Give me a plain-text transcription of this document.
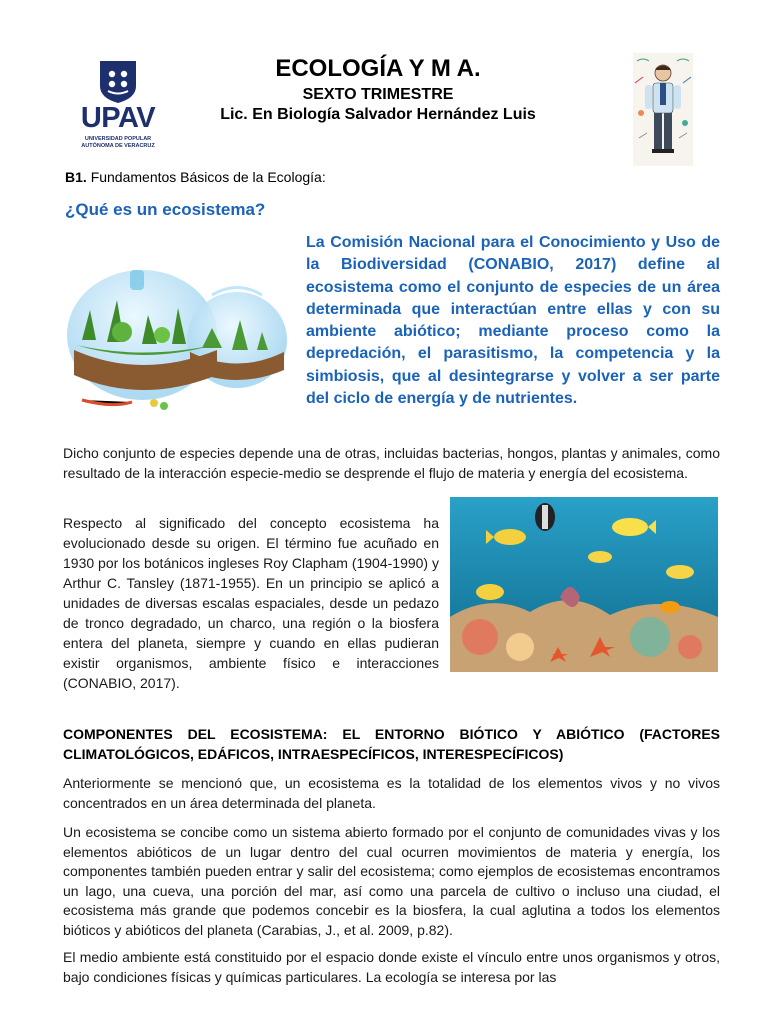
UPAV
UNIVERSIDAD POPULAR
AUTÓNOMA DE VERACRUZ
ECOLOGÍA Y M A.
SEXTO TRIMESTRE
Lic. En Biología Salvador Hernández Luis
B1. Fundamentos Básicos de la Ecología:
¿Qué es un ecosistema?
La Comisión Nacional para el Conocimiento y Uso de la Biodiversidad (CONABIO, 2017) define al ecosistema como el conjunto de especies de un área determinada que interactúan entre ellas y con su ambiente abiótico; mediante proceso como la depredación, el parasitismo, la competencia y la simbiosis, que al desintegrarse y volver a ser parte del ciclo de energía y de nutrientes.

Dicho conjunto de especies depende una de otras, incluidas bacterias, hongos, plantas y animales, como resultado de la interacción especie-medio se desprende el flujo de materia y energía del ecosistema.

Respecto al significado del concepto ecosistema ha evolucionado desde su origen. El término fue acuñado en 1930 por los botánicos ingleses Roy Clapham (1904-1990) y Arthur C. Tansley (1871-1955). En un principio se aplicó a unidades de diversas escalas espaciales, desde un pedazo de tronco degradado, un charco, una región o la biosfera entera del planeta, siempre y cuando en ellas pudieran existir organismos, ambiente físico e interacciones (CONABIO, 2017).

COMPONENTES DEL ECOSISTEMA: EL ENTORNO BIÓTICO Y ABIÓTICO (FACTORES CLIMATOLÓGICOS, EDÁFICOS, INTRAESPECÍFICOS, INTERESPECÍFICOS)

Anteriormente se mencionó que, un ecosistema es la totalidad de los elementos vivos y no vivos concentrados en un área determinada del planeta.

Un ecosistema se concibe como un sistema abierto formado por el conjunto de comunidades vivas y los elementos abióticos de un lugar dentro del cual ocurren movimientos de materia y energía, los componentes también pueden entrar y salir del ecosistema; como ejemplos de ecosistemas encontramos un lago, una cueva, una porción del mar, así como una parcela de cultivo o incluso una ciudad, el ecosistema más grande que podemos concebir es la biosfera, la cual aglutina a todos los elementos bióticos y abióticos del planeta (Carabias, J., et al. 2009, p.82).

El medio ambiente está constituido por el espacio donde existe el vínculo entre unos organismos y otros, bajo condiciones físicas y químicas particulares. La ecología se interesa por las
